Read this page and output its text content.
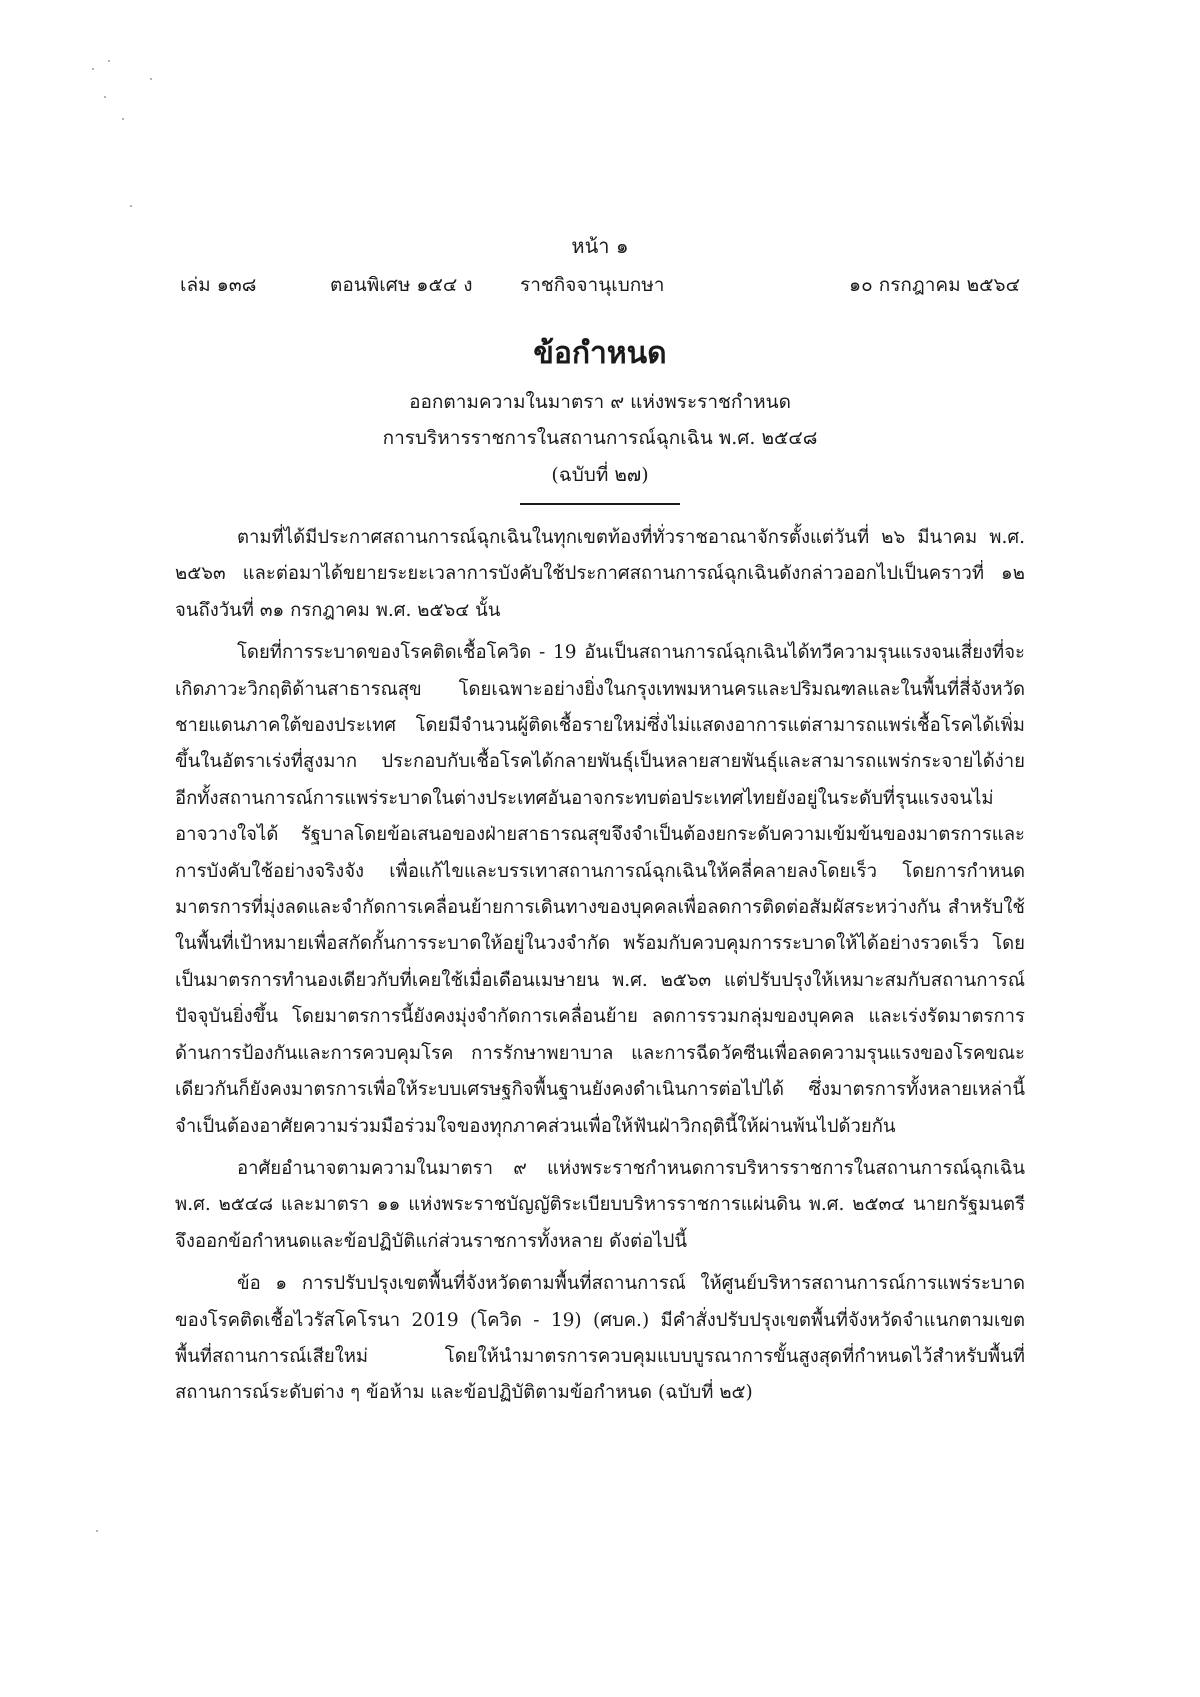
หน้า ๑
เล่ม ๑๓๘	ตอนพิเศษ ๑๕๔ ง ราชกิจจานุเบกษา	๑๐ กรกฎาคม ๒๕๖๔
ข้อกำหนด
ออกตามความในมาตรา ๙ แห่งพระราชกำหนด
การบริหารราชการในสถานการณ์ฉุกเฉิน พ.ศ. ๒๕๔๘
(ฉบับที่ ๒๗)

ตามที่ได้มีประกาศสถานการณ์ฉุกเฉินในทุกเขตท้องที่ทั่วราชอาณาจักรตั้งแต่วันที่ ๒๖ มีนาคม พ.ศ. ๒๕๖๓ และต่อมาได้ขยายระยะเวลาการบังคับใช้ประกาศสถานการณ์ฉุกเฉินดังกล่าวออกไปเป็นคราวที่ ๑๒ จนถึงวันที่ ๓๑ กรกฎาคม พ.ศ. ๒๕๖๔ นั้น

โดยที่การระบาดของโรคติดเชื้อโควิด - 19 อันเป็นสถานการณ์ฉุกเฉินได้ทวีความรุนแรงจนเสี่ยงที่จะเกิดภาวะวิกฤติด้านสาธารณสุข โดยเฉพาะอย่างยิ่งในกรุงเทพมหานครและปริมณฑลและในพื้นที่สี่จังหวัดชายแดนภาคใต้ของประเทศ โดยมีจำนวนผู้ติดเชื้อรายใหม่ซึ่งไม่แสดงอาการแต่สามารถแพร่เชื้อโรคได้เพิ่มขึ้นในอัตราเร่งที่สูงมาก ประกอบกับเชื้อโรคได้กลายพันธุ์เป็นหลายสายพันธุ์และสามารถแพร่กระจายได้ง่าย อีกทั้งสถานการณ์การแพร่ระบาดในต่างประเทศอันอาจกระทบต่อประเทศไทยยังอยู่ในระดับที่รุนแรงจนไม่อาจวางใจได้ รัฐบาลโดยข้อเสนอของฝ่ายสาธารณสุขจึงจำเป็นต้องยกระดับความเข้มข้นของมาตรการและการบังคับใช้อย่างจริงจัง เพื่อแก้ไขและบรรเทาสถานการณ์ฉุกเฉินให้คลี่คลายลงโดยเร็ว โดยการกำหนดมาตรการที่มุ่งลดและจำกัดการเคลื่อนย้ายการเดินทางของบุคคลเพื่อลดการติดต่อสัมผัสระหว่างกัน สำหรับใช้ในพื้นที่เป้าหมายเพื่อสกัดกั้นการระบาดให้อยู่ในวงจำกัด พร้อมกับควบคุมการระบาดให้ได้อย่างรวดเร็ว โดยเป็นมาตรการทำนองเดียวกับที่เคยใช้เมื่อเดือนเมษายน พ.ศ. ๒๕๖๓ แต่ปรับปรุงให้เหมาะสมกับสถานการณ์ปัจจุบันยิ่งขึ้น โดยมาตรการนี้ยังคงมุ่งจำกัดการเคลื่อนย้าย ลดการรวมกลุ่มของบุคคล และเร่งรัดมาตรการด้านการป้องกันและการควบคุมโรค การรักษาพยาบาล และการฉีดวัคซีนเพื่อลดความรุนแรงของโรคขณะเดียวกันก็ยังคงมาตรการเพื่อให้ระบบเศรษฐกิจพื้นฐานยังคงดำเนินการต่อไปได้ ซึ่งมาตรการทั้งหลายเหล่านี้จำเป็นต้องอาศัยความร่วมมือร่วมใจของทุกภาคส่วนเพื่อให้ฟันฝ่าวิกฤตินี้ให้ผ่านพ้นไปด้วยกัน

อาศัยอำนาจตามความในมาตรา ๙ แห่งพระราชกำหนดการบริหารราชการในสถานการณ์ฉุกเฉิน พ.ศ. ๒๕๔๘ และมาตรา ๑๑ แห่งพระราชบัญญัติระเบียบบริหารราชการแผ่นดิน พ.ศ. ๒๕๓๔ นายกรัฐมนตรีจึงออกข้อกำหนดและข้อปฏิบัติแก่ส่วนราชการทั้งหลาย ดังต่อไปนี้

ข้อ ๑ การปรับปรุงเขตพื้นที่จังหวัดตามพื้นที่สถานการณ์ ให้ศูนย์บริหารสถานการณ์การแพร่ระบาดของโรคติดเชื้อไวรัสโคโรนา 2019 (โควิด - 19) (ศบค.) มีคำสั่งปรับปรุงเขตพื้นที่จังหวัดจำแนกตามเขตพื้นที่สถานการณ์เสียใหม่ โดยให้นำมาตรการควบคุมแบบบูรณาการขั้นสูงสุดที่กำหนดไว้สำหรับพื้นที่สถานการณ์ระดับต่าง ๆ ข้อห้าม และข้อปฏิบัติตามข้อกำหนด (ฉบับที่ ๒๕)
